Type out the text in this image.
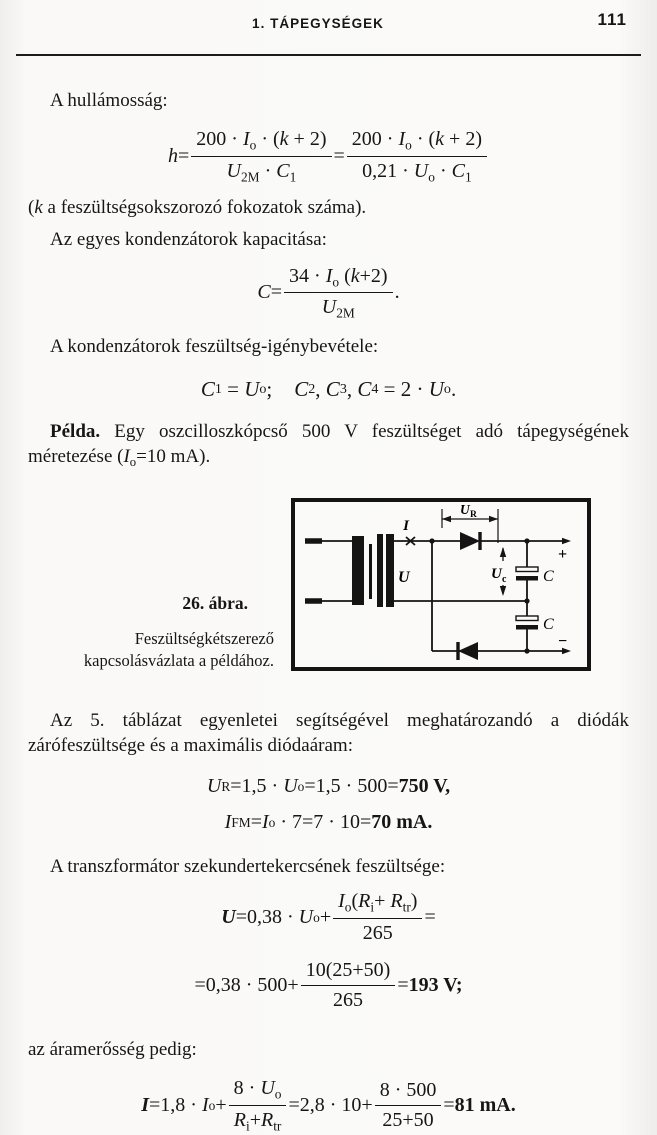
1. TÁPEGYSÉGEK	111

A hullámosság:

$h = \frac{200 \cdot I_o \cdot (k + 2)}{U_{2M} \cdot C_1} = \frac{200 \cdot I_o \cdot (k + 2)}{0,21 \cdot U_o \cdot C_1}$

(k a feszültségsokszorozó fokozatok száma).

Az egyes kondenzátorok kapacitása:

$C = \frac{34 \cdot I_o (k+2)}{U_{2M}}$ .

A kondenzátorok feszültség-igénybevétele:

C 1 = U o ; C 2 , C 3 , C 4 = 2 · U o .

Példa. Egy oszcilloszkópcső 500 V feszültséget adó tápegységének méretezése ($I_o=10$ mA).

26. ábra.
Feszültségkétszerező kapcsolásvázlata a példához.
U
I
U R
U c C
C
+
−

Az 5. táblázat egyenletei segítségével meghatározandó a diódák zárófeszültsége és a maximális diódaáram:

U R =1,5 · U o =1,5 · 500= 750 V,
I FM = I o · 7=7 · 10= 70 mA.

A transzformátor szekundertekercsének feszültsége:

U =0,38 · U $o + \frac{I_o(R_i+ R_{tr})}{265}$ =
$=0,38 \cdot 500+ \frac{10(25+50)}{265} = 193$ V;

az áramerősség pedig:

I =1,8 · I $o + \frac{8 \cdot U_o}{R_i+R_{tr}} =2,8 \cdot 10+ \frac{8 \cdot 500}{25+50} = 81$ mA.
